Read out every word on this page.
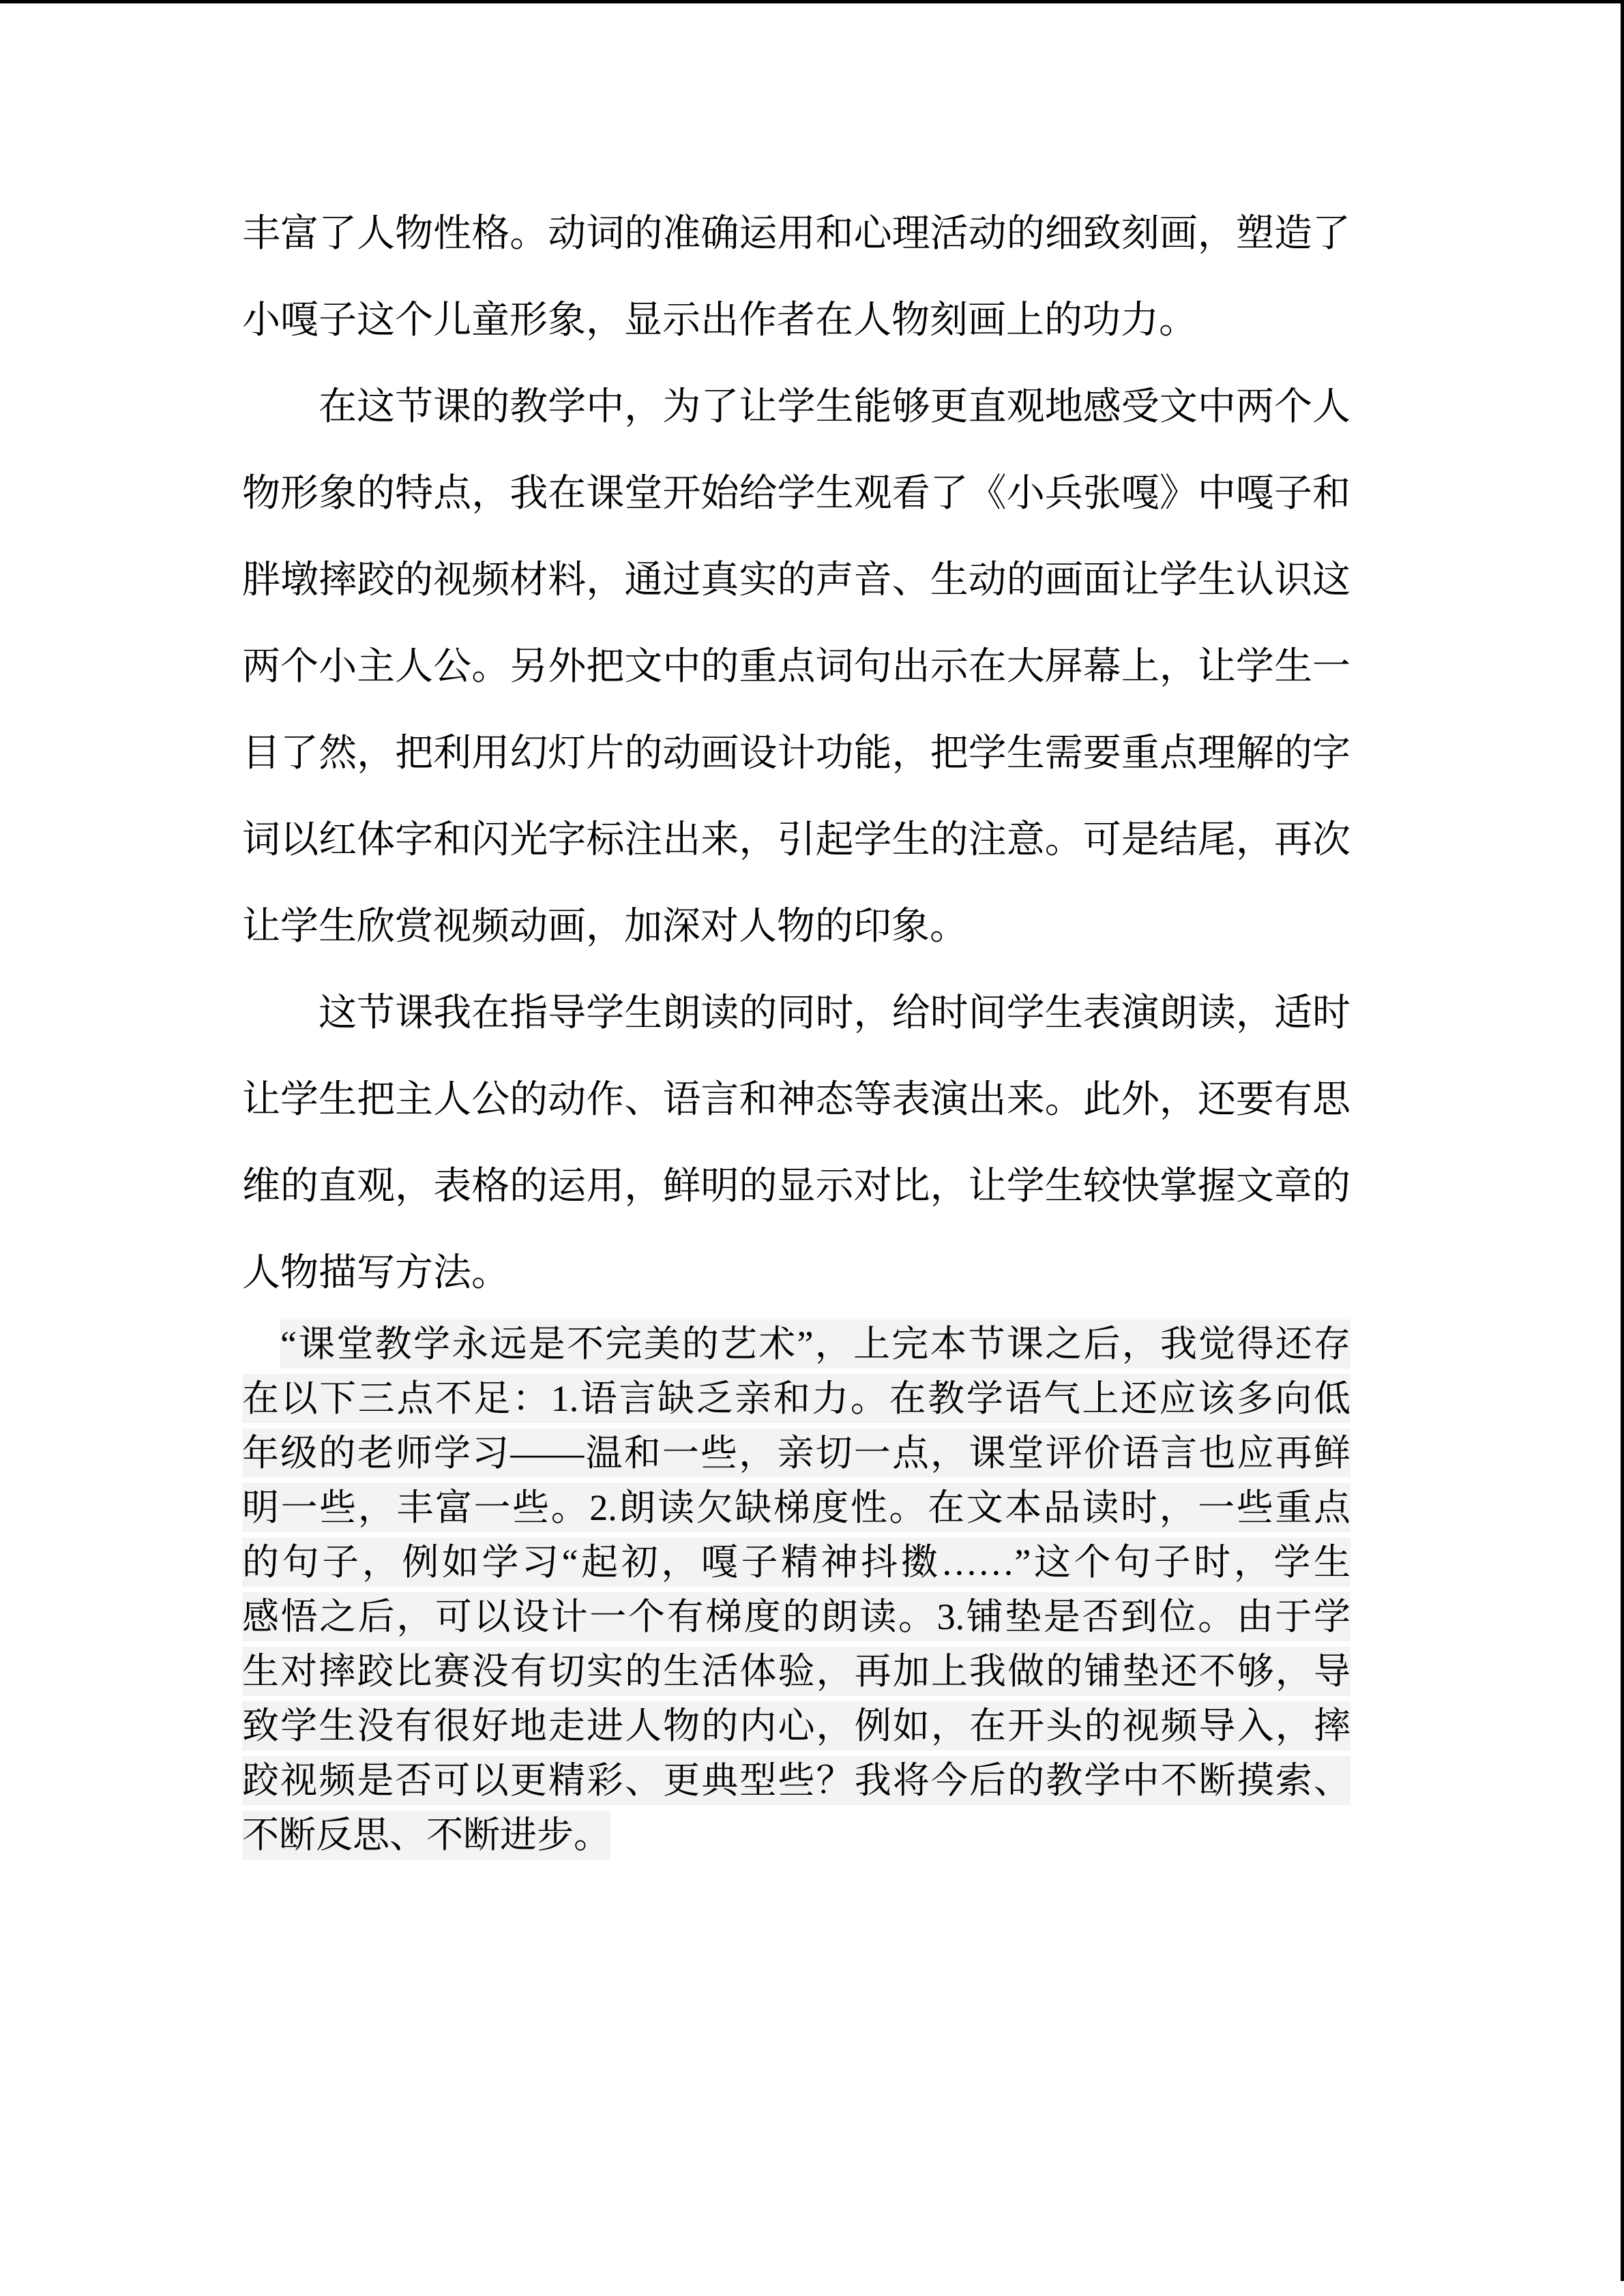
丰富了人物性格。动词的准确运用和心理活动的细致刻画，塑造了
小嘎子这个儿童形象，显示出作者在人物刻画上的功力。
在这节课的教学中，为了让学生能够更直观地感受文中两个人
物形象的特点，我在课堂开始给学生观看了《小兵张嘎》中嘎子和
胖墩摔跤的视频材料，通过真实的声音、生动的画面让学生认识这
两个小主人公。另外把文中的重点词句出示在大屏幕上，让学生一
目了然，把利用幻灯片的动画设计功能，把学生需要重点理解的字
词以红体字和闪光字标注出来，引起学生的注意。可是结尾，再次
让学生欣赏视频动画，加深对人物的印象。
这节课我在指导学生朗读的同时，给时间学生表演朗读，适时
让学生把主人公的动作、语言和神态等表演出来。此外，还要有思
维的直观，表格的运用，鲜明的显示对比，让学生较快掌握文章的
人物描写方法。
“课堂教学永远是不完美的艺术”，上完本节课之后，我觉得还存
在以下三点不足：1.语言缺乏亲和力。在教学语气上还应该多向低
年级的老师学习——温和一些，亲切一点，课堂评价语言也应再鲜
明一些，丰富一些。2.朗读欠缺梯度性。在文本品读时，一些重点
的句子，例如学习“起初，嘎子精神抖擞……”这个句子时，学生
感悟之后，可以设计一个有梯度的朗读。3.铺垫是否到位。由于学
生对摔跤比赛没有切实的生活体验，再加上我做的铺垫还不够，导
致学生没有很好地走进人物的内心，例如，在开头的视频导入，摔
跤视频是否可以更精彩、更典型些？我将今后的教学中不断摸索、
不断反思、不断进步。
